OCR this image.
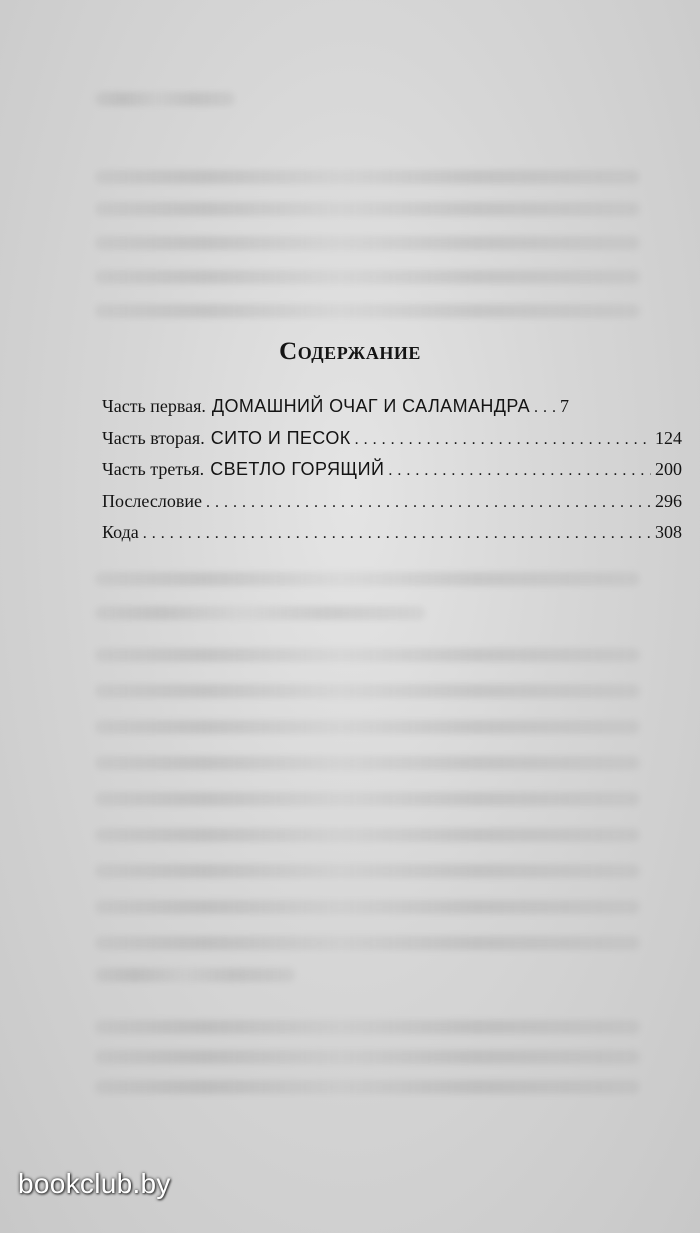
Содержание
Часть первая. ДОМАШНИЙ ОЧАГ И САЛАМАНДРА . . . 7
Часть вторая. СИТО И ПЕСОК . . .	124
Часть третья. СВЕТЛО ГОРЯЩИЙ . . .	200
Послесловие . . .	296
Кода . . .	308
bookclub.by
